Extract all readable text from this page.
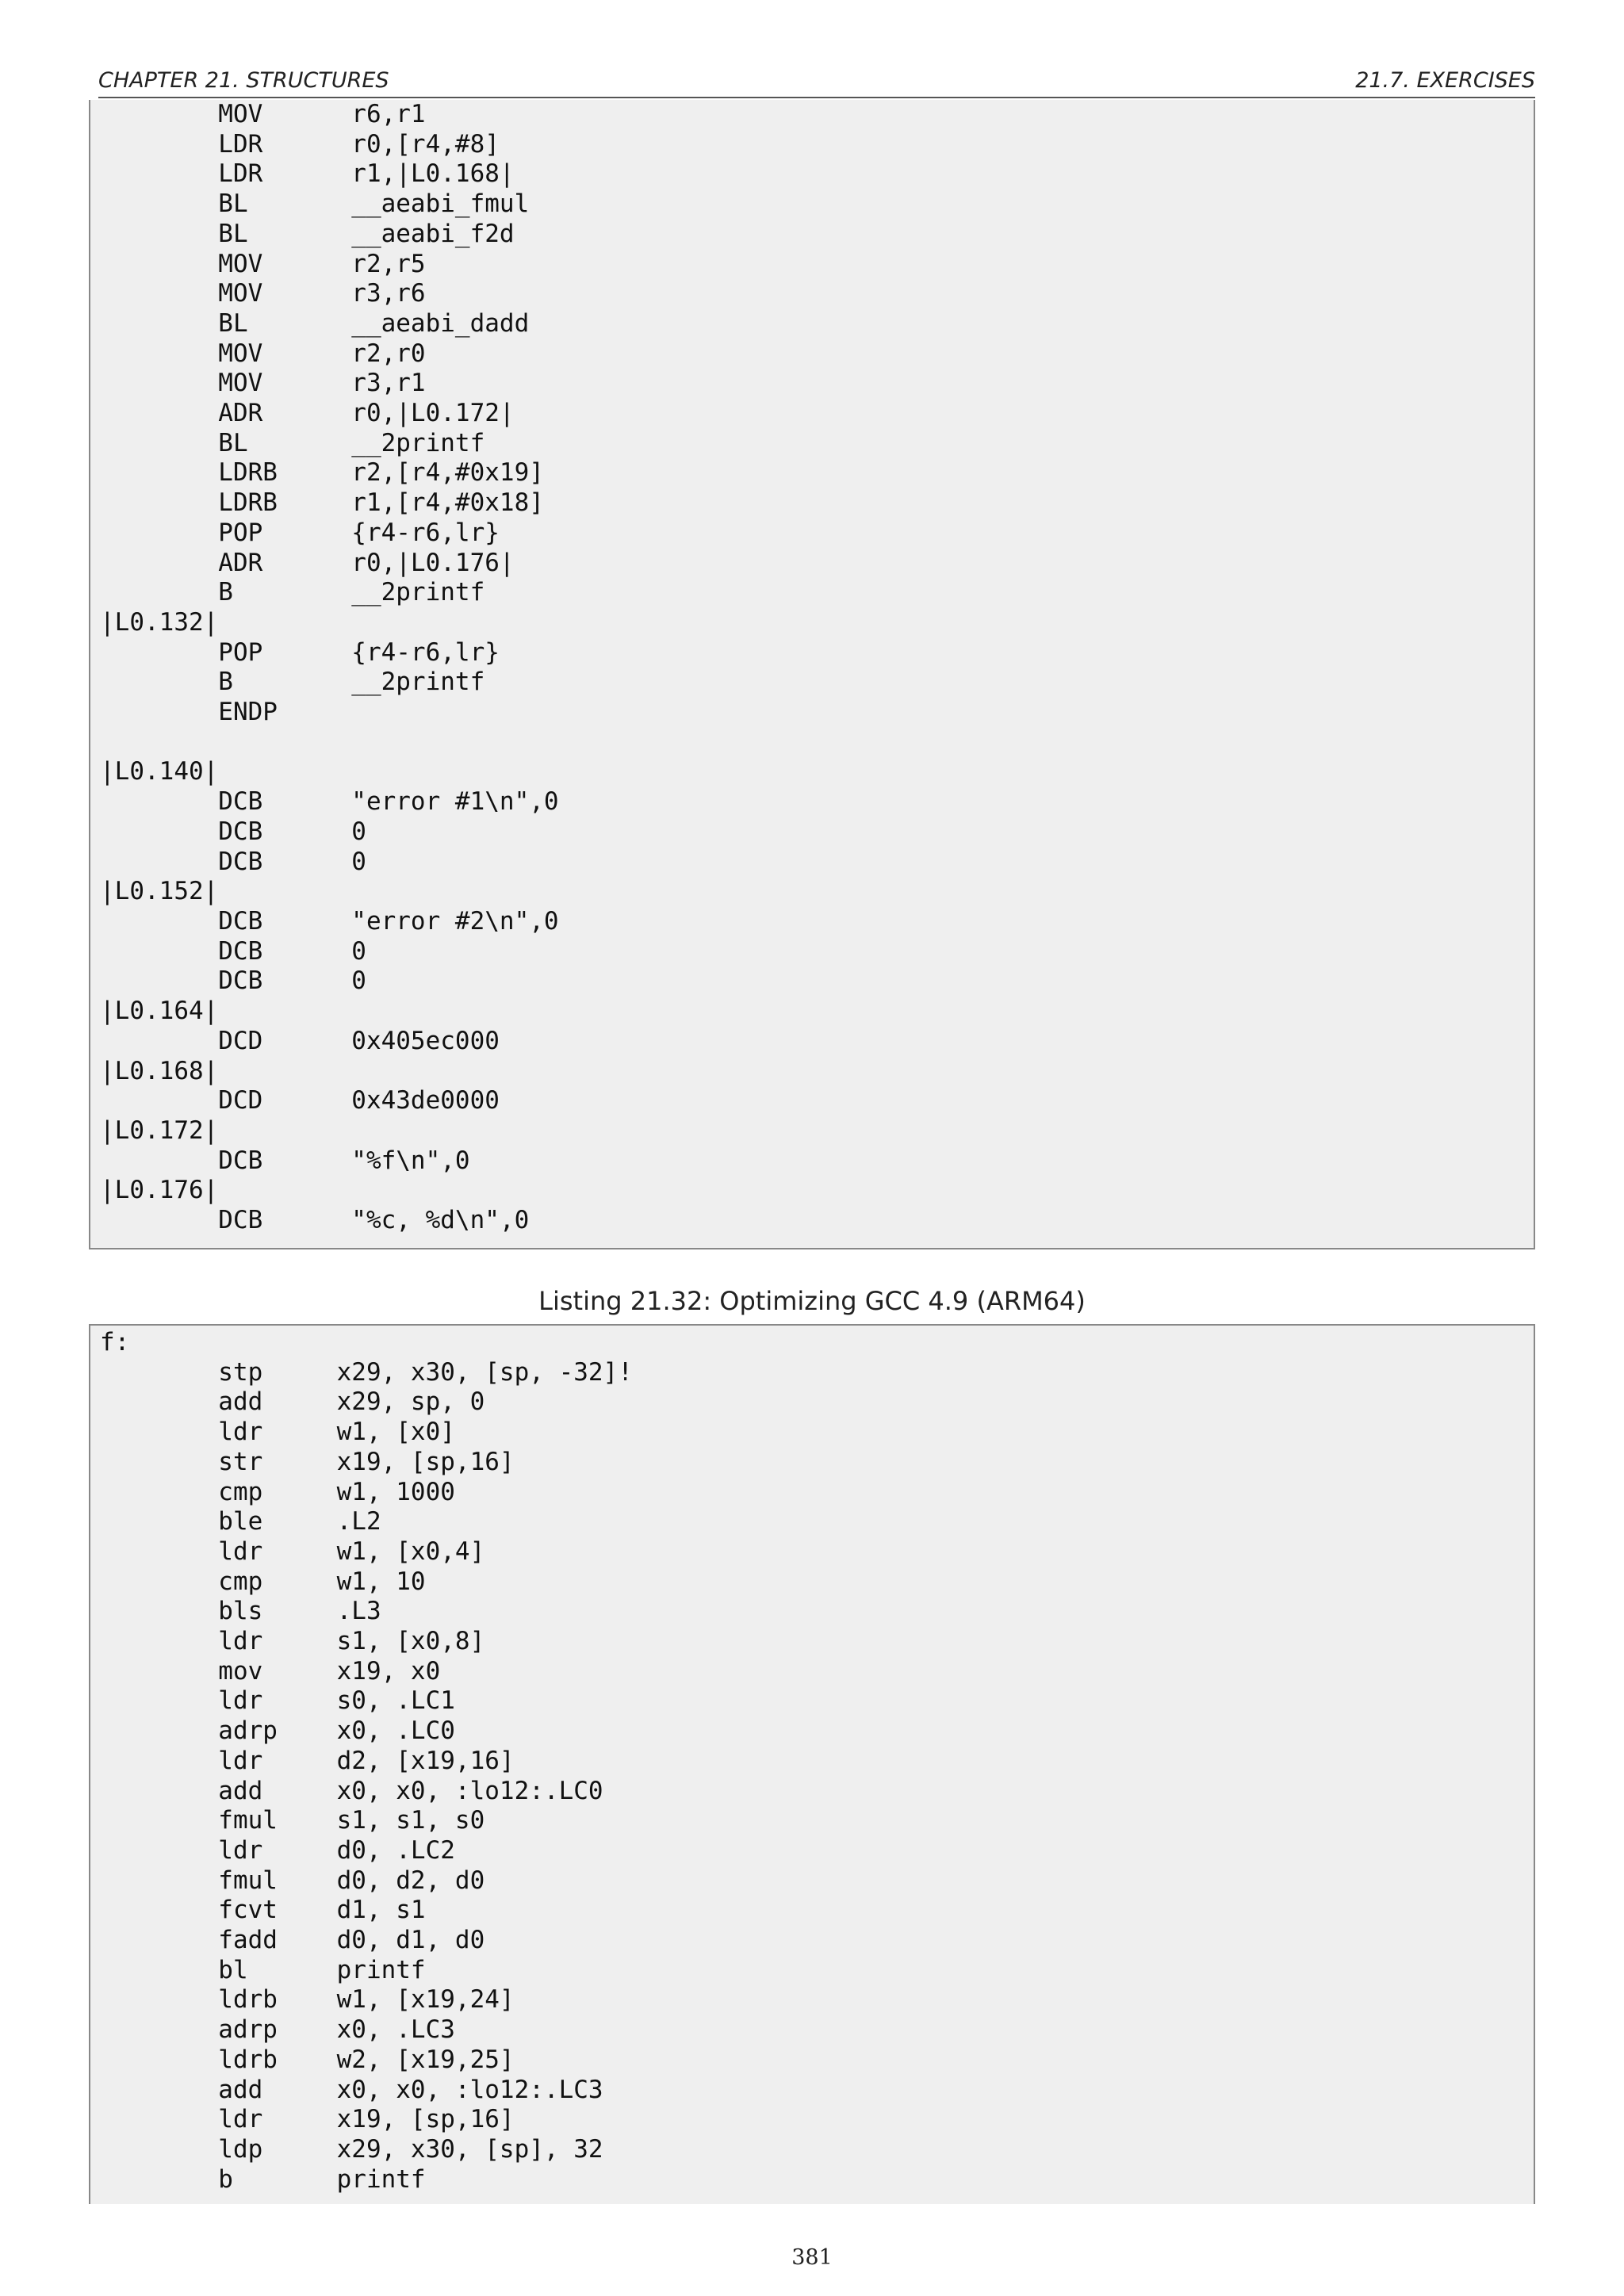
CHAPTER 21. STRUCTURES	21.7. EXERCISES
MOV      r6,r1
LDR      r0,[r4,#8]
LDR      r1,|L0.168|
BL       __aeabi_fmul
BL       __aeabi_f2d
MOV      r2,r5
MOV      r3,r6
BL       __aeabi_dadd
MOV      r2,r0
MOV      r3,r1
ADR      r0,|L0.172|
BL       __2printf
LDRB     r2,[r4,#0x19]
LDRB     r1,[r4,#0x18]
POP      {r4-r6,lr}
ADR      r0,|L0.176|
B        __2printf
|L0.132|
POP      {r4-r6,lr}
B        __2printf
ENDP

|L0.140|
DCB      "error #1\n",0
DCB      0
DCB      0
|L0.152|
DCB      "error #2\n",0
DCB      0
DCB      0
|L0.164|
DCD      0x405ec000
|L0.168|
DCD      0x43de0000
|L0.172|
DCB      "%f\n",0
|L0.176|
DCB      "%c, %d\n",0
Listing 21.32: Optimizing GCC 4.9 (ARM64)
f:
stp     x29, x30, [sp, -32]!
add     x29, sp, 0
ldr     w1, [x0]
str     x19, [sp,16]
cmp     w1, 1000
ble     .L2
ldr     w1, [x0,4]
cmp     w1, 10
bls     .L3
ldr     s1, [x0,8]
mov     x19, x0
ldr     s0, .LC1
adrp    x0, .LC0
ldr     d2, [x19,16]
add     x0, x0, :lo12:.LC0
fmul    s1, s1, s0
ldr     d0, .LC2
fmul    d0, d2, d0
fcvt    d1, s1
fadd    d0, d1, d0
bl      printf
ldrb    w1, [x19,24]
adrp    x0, .LC3
ldrb    w2, [x19,25]
add     x0, x0, :lo12:.LC3
ldr     x19, [sp,16]
ldp     x29, x30, [sp], 32
b       printf
381
